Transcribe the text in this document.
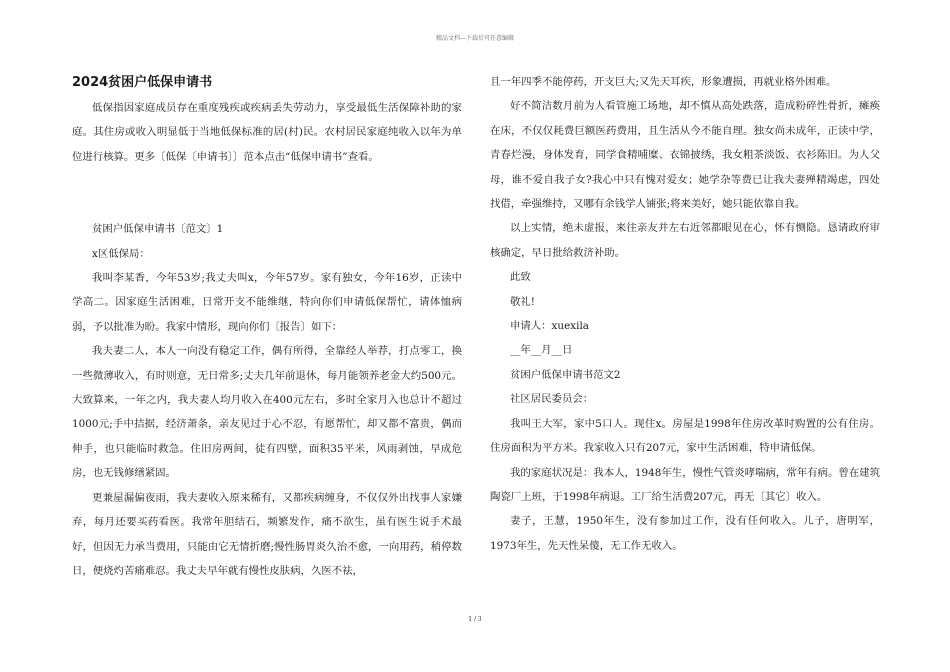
精品文档---下载后可任意编辑

2024贫困户低保申请书

低保指因家庭成员存在重度残疾或疾病丢失劳动力，享受最低生活保障补助的家庭。其住房或收入明显低于当地低保标准的居(村)民。农村居民家庭纯收入以年为单位进行核算。更多〔低保〔申请书〕〕范本点击“低保申请书”查看。

贫困户低保申请书〔范文〕1

x区低保局：

我叫李某香，今年53岁;我丈夫叫x，今年57岁。家有独女，今年16岁，正读中学高二。因家庭生活困难，日常开支不能维继，特向你们申请低保帮忙，请体恤病弱，予以批准为盼。我家中情形，现向你们〔报告〕如下：

我夫妻二人，本人一向没有稳定工作，偶有所得，全靠经人举荐，打点零工，换一些微薄收入，有时则意，无日常多;丈夫几年前退休，每月能领养老金大约500元。大致算来，一年之内，我夫妻人均月收入在400元左右，多时全家月入也总计不超过1000元;手中拮据，经济萧条，亲友见过于心不忍，有愿帮忙，却又都不富贵，偶而伸手，也只能临时救急。住旧房两间，徒有四壁，面积35平米，风雨剥蚀，早成危房，也无钱修缮紧固。

更兼屋漏偏夜雨，我夫妻收入原来稀有，又都疾病缠身，不仅仅外出找事人家嫌弃，每月还要买药看医。我常年胆结石，频繁发作，痛不欲生，虽有医生说手术最好，但因无力承当费用，只能由它无情折磨;慢性肠胃炎久治不愈，一向用药，稍停数日，便烧灼苦痛难忍。我丈夫早年就有慢性皮肤病，久医不祛，

且一年四季不能停药，开支巨大;又先天耳疾，形象遭损，再就业格外困难。

好不简洁数月前为人看管施工场地，却不慎从高处跌落，造成粉碎性骨折，瘫痪在床，不仅仅耗费巨额医药费用，且生活从今不能自理。独女尚未成年，正读中学，青春烂漫，身体发育，同学食精哺糜、衣锦披绣，我女粗茶淡饭、衣衫陈旧。为人父母，谁不爱自我子女?我心中只有愧对爱女；她学杂等费已让我夫妻殚精竭虑，四处找借，牵强维持，又哪有余钱学人铺张;将来美好，她只能依靠自我。

以上实情，绝未虚报，来往亲友并左右近邻都眼见在心，怀有恻隐。恳请政府审核确定，早日批给救济补助。

此致

敬礼!

申请人：xuexila

__年__月__日

贫困户低保申请书范文2

社区居民委员会：

我叫王大军，家中5口人。现住x。房屋是1998年住房改革时购置的公有住房。住房面积为平方米。我家收入只有207元，家中生活困难，特申请低保。

我的家庭状况是：我本人，1948年生，慢性气管炎哮喘病，常年有病。曾在建筑陶瓷厂上班，于1998年病退。工厂给生活费207元，再无〔其它〕收入。

妻子，王慧，1950年生，没有参加过工作，没有任何收入。儿子，唐明军，1973年生，先天性呆傻，无工作无收入。

1 / 3
